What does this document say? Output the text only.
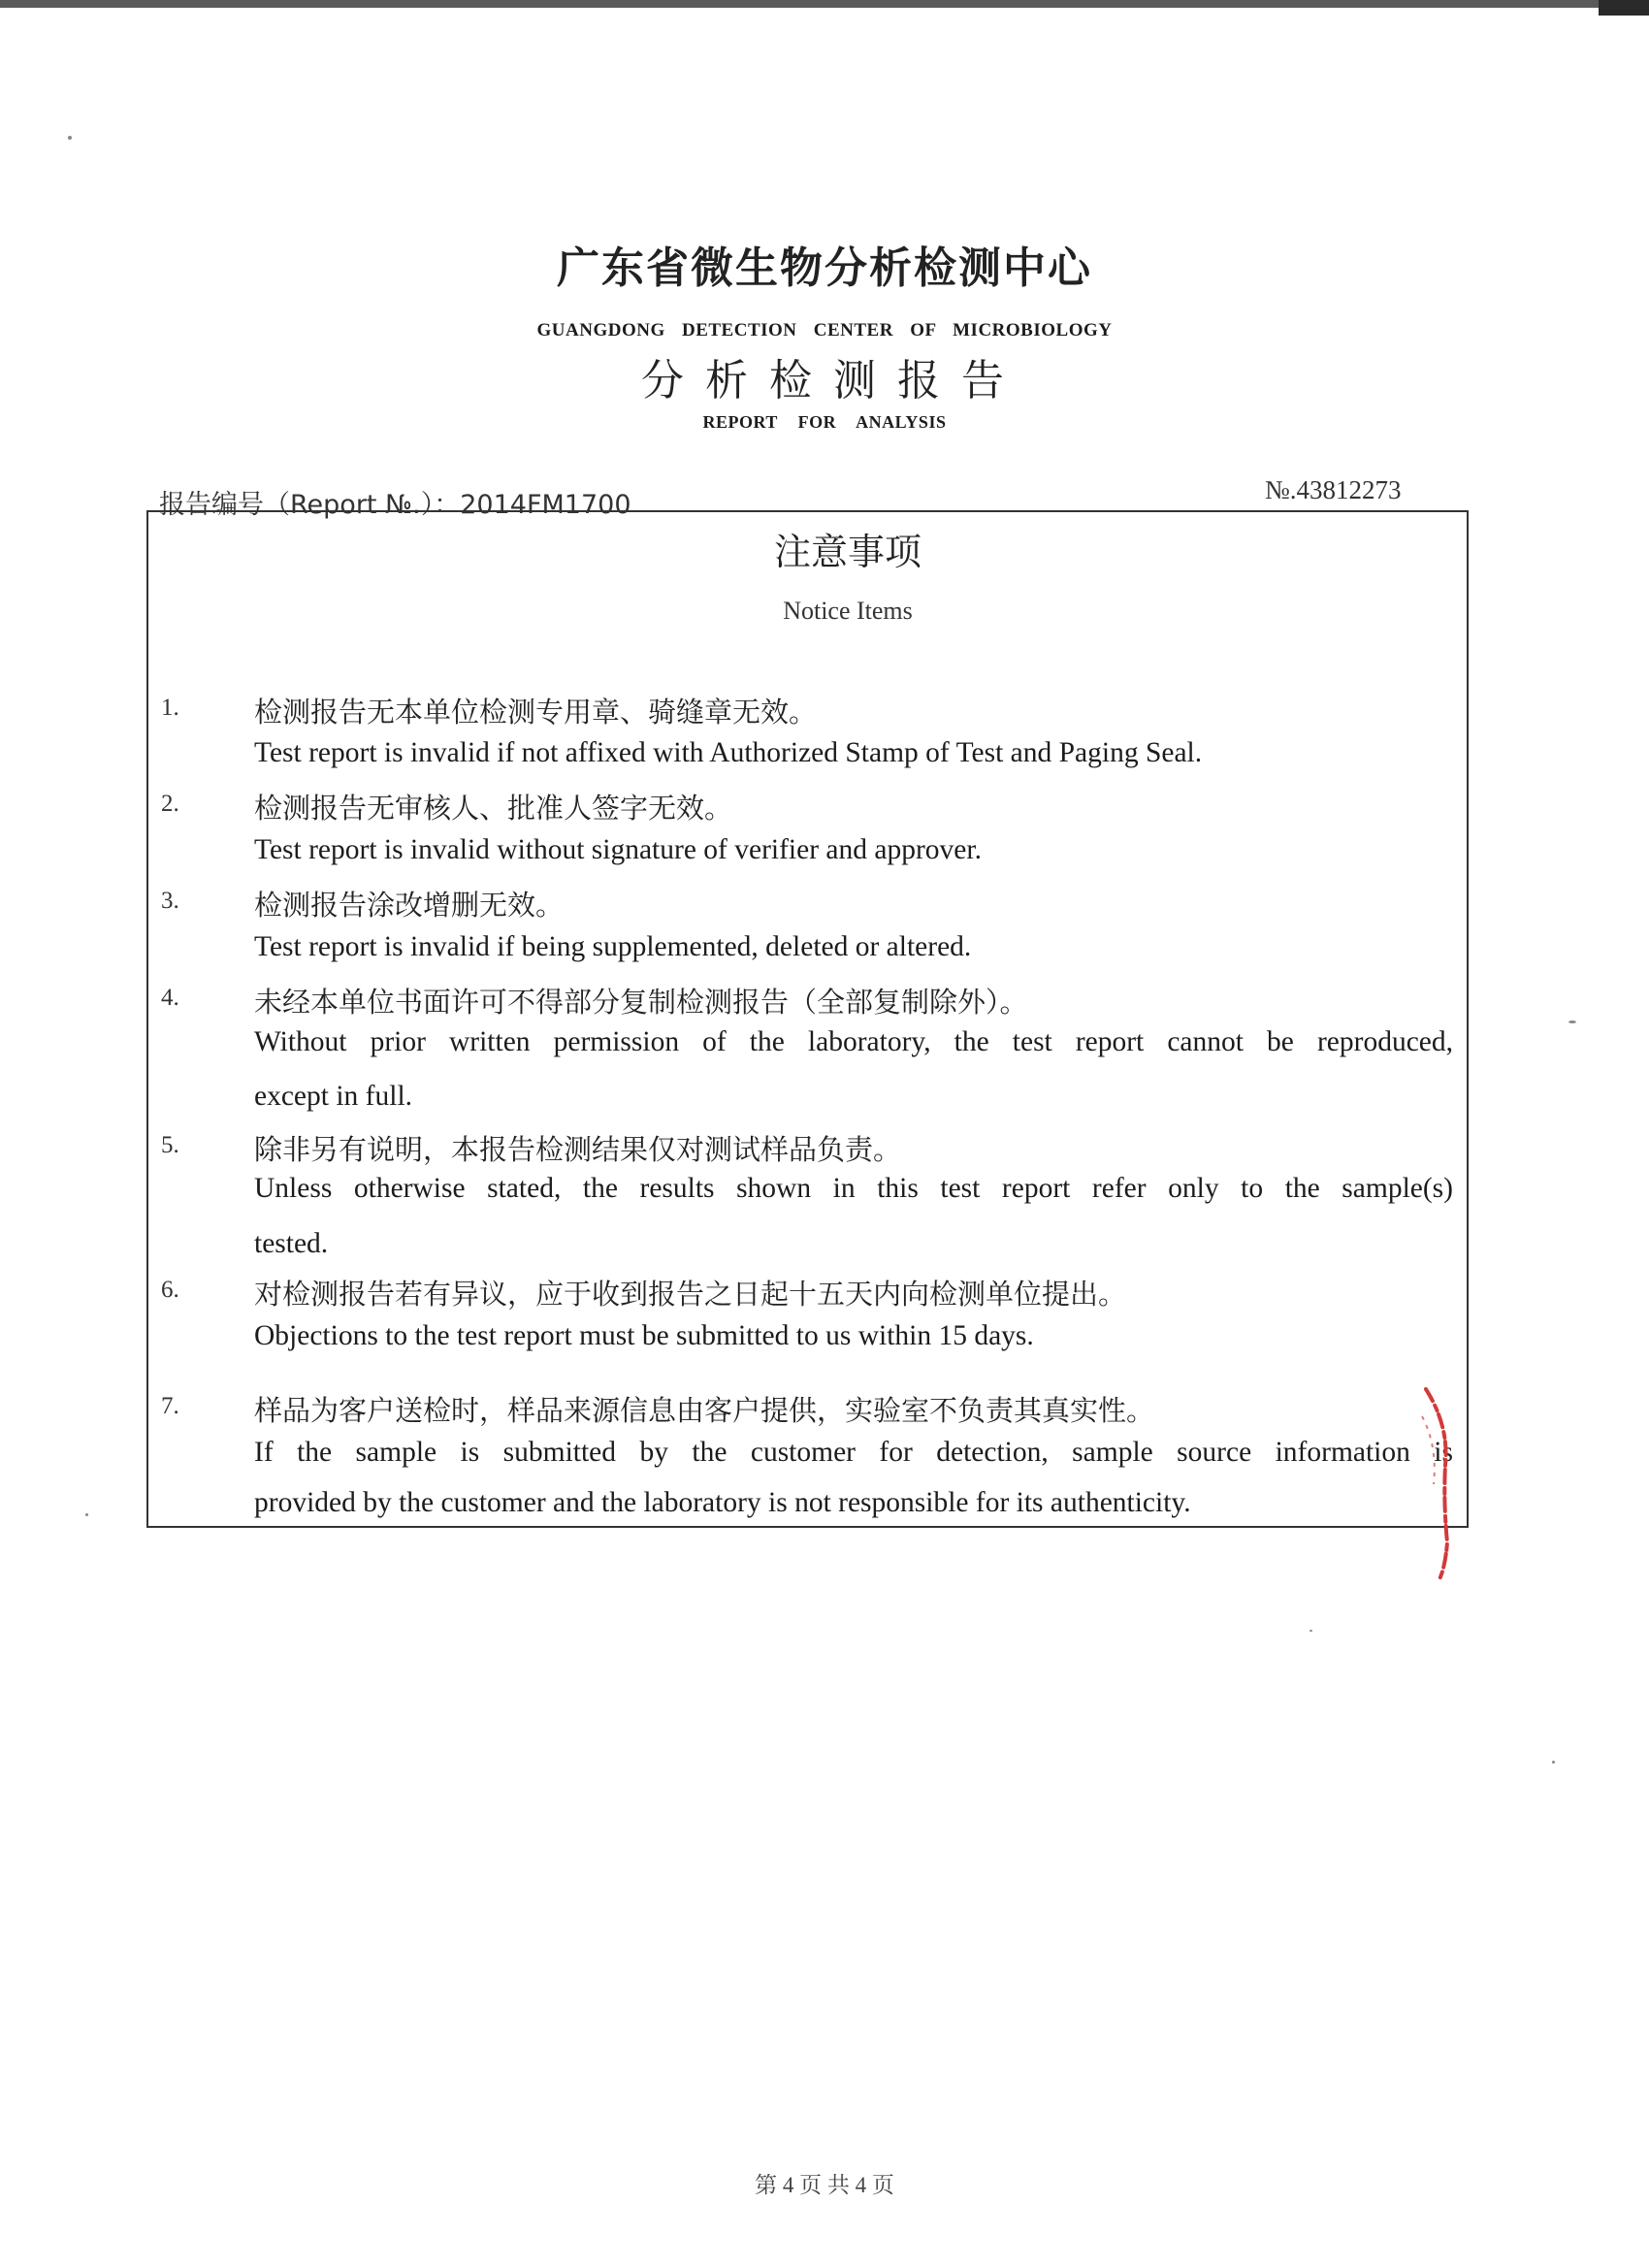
广东省微生物分析检测中心
GUANGDONG DETECTION CENTER OF MICROBIOLOGY
分析检测报告
REPORT FOR ANALYSIS
报告编号（Report №.）：2014FM1700	№.43812273
注意事项
Notice Items
1.	检测报告无本单位检测专用章、骑缝章无效。
Test report is invalid if not affixed with Authorized Stamp of Test and Paging Seal.
2.	检测报告无审核人、批准人签字无效。
Test report is invalid without signature of verifier and approver.
3.	检测报告涂改增删无效。
Test report is invalid if being supplemented, deleted or altered.
4.	未经本单位书面许可不得部分复制检测报告（全部复制除外）。
Without prior written permission of the laboratory, the test report cannot be reproduced,
except in full.
5.	除非另有说明，本报告检测结果仅对测试样品负责。
Unless otherwise stated, the results shown in this test report refer only to the sample(s)
tested.
6.	对检测报告若有异议，应于收到报告之日起十五天内向检测单位提出。
Objections to the test report must be submitted to us within 15 days.
7.	样品为客户送检时，样品来源信息由客户提供，实验室不负责其真实性。
If the sample is submitted by the customer for detection, sample source information is
provided by the customer and the laboratory is not responsible for its authenticity.
第 4 页 共 4 页
